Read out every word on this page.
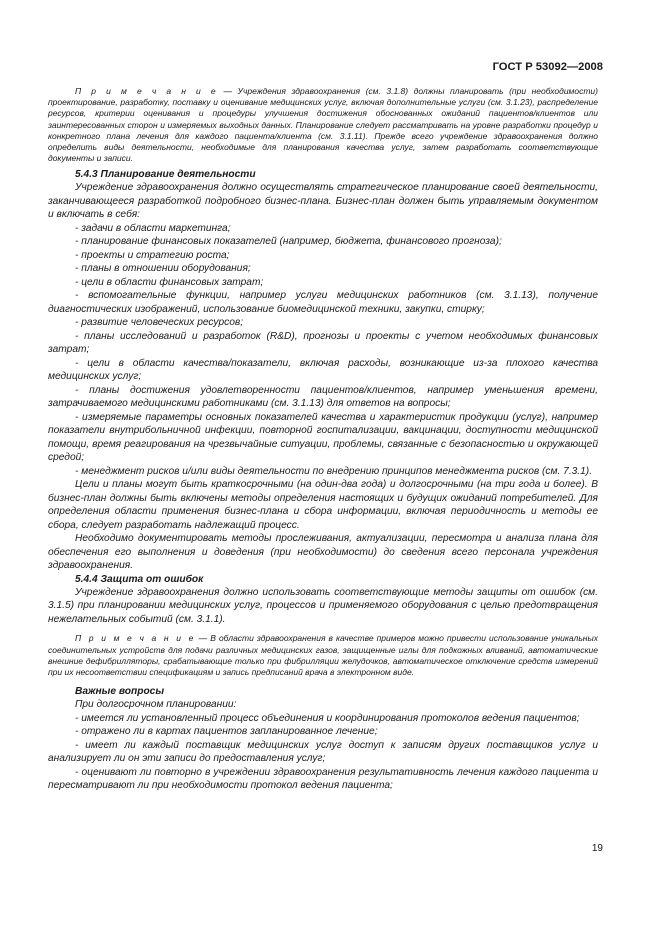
ГОСТ Р 53092—2008

П р и м е ч а н и е — Учреждения здравоохранения (см. 3.1.8) должны планировать (при необходимости) проектирование, разработку, поставку и оценивание медицинских услуг, включая дополнительные услуги (см. 3.1.23), распределение ресурсов, критерии оценивания и процедуры улучшения достижения обоснованных ожиданий пациентов/клиентов или заинтересованных сторон и измеряемых выходных данных. Планирование следует рассматривать на уровне разработки процедур и конкретного плана лечения для каждого пациента/клиента (см. 3.1.11). Прежде всего учреждение здравоохранения должно определить виды деятельности, необходимые для планирования качества услуг, затем разработать соответствующие документы и записи.

5.4.3 Планирование деятельности

Учреждение здравоохранения должно осуществлять стратегическое планирование своей деятельности, заканчивающееся разработкой подробного бизнес-плана. Бизнес-план должен быть управляемым документом и включать в себя:

- задачи в области маркетинга;

- планирование финансовых показателей (например, бюджета, финансового прогноза);

- проекты и стратегию роста;

- планы в отношении оборудования;

- цели в области финансовых затрат;

- вспомогательные функции, например услуги медицинских работников (см. 3.1.13), получение диагностических изображений, использование биомедицинской техники, закупки, стирку;

- развитие человеческих ресурсов;

- планы исследований и разработок (R&D), прогнозы и проекты с учетом необходимых финансовых затрат;

- цели в области качества/показатели, включая расходы, возникающие из-за плохого качества медицинских услуг;

- планы достижения удовлетворенности пациентов/клиентов, например уменьшения времени, затрачиваемого медицинскими работниками (см. 3.1.13) для ответов на вопросы;

- измеряемые параметры основных показателей качества и характеристик продукции (услуг), например показатели внутрибольничной инфекции, повторной госпитализации, вакцинации, доступности медицинской помощи, время реагирования на чрезвычайные ситуации, проблемы, связанные с безопасностью и окружающей средой;

- менеджмент рисков и/или виды деятельности по внедрению принципов менеджмента рисков (см. 7.3.1).

Цели и планы могут быть краткосрочными (на один-два года) и долгосрочными (на три года и более). В бизнес-план должны быть включены методы определения настоящих и будущих ожиданий потребителей. Для определения области применения бизнес-плана и сбора информации, включая периодичность и методы ее сбора, следует разработать надлежащий процесс.

Необходимо документировать методы прослеживания, актуализации, пересмотра и анализа плана для обеспечения его выполнения и доведения (при необходимости) до сведения всего персонала учреждения здравоохранения.

5.4.4 Защита от ошибок

Учреждение здравоохранения должно использовать соответствующие методы защиты от ошибок (см. 3.1.5) при планировании медицинских услуг, процессов и применяемого оборудования с целью предотвращения нежелательных событий (см. 3.1.1).

П р и м е ч а н и е — В области здравоохранения в качестве примеров можно привести использование уникальных соединительных устройств для подачи различных медицинских газов, защищенные иглы для подкожных вливаний, автоматические внешние дефибрилляторы, срабатывающие только при фибрилляции желудочков, автоматическое отключение средств измерений при их несоответствии спецификациям и запись предписаний врача в электронном виде.

Важные вопросы

При долгосрочном планировании:

- имеется ли установленный процесс объединения и координирования протоколов ведения пациентов;

- отражено ли в картах пациентов запланированное лечение;

- имеет ли каждый поставщик медицинских услуг доступ к записям других поставщиков услуг и анализирует ли он эти записи до предоставления услуг;

- оценивают ли повторно в учреждении здравоохранения результативность лечения каждого пациента и пересматривают ли при необходимости протокол ведения пациента;

19
